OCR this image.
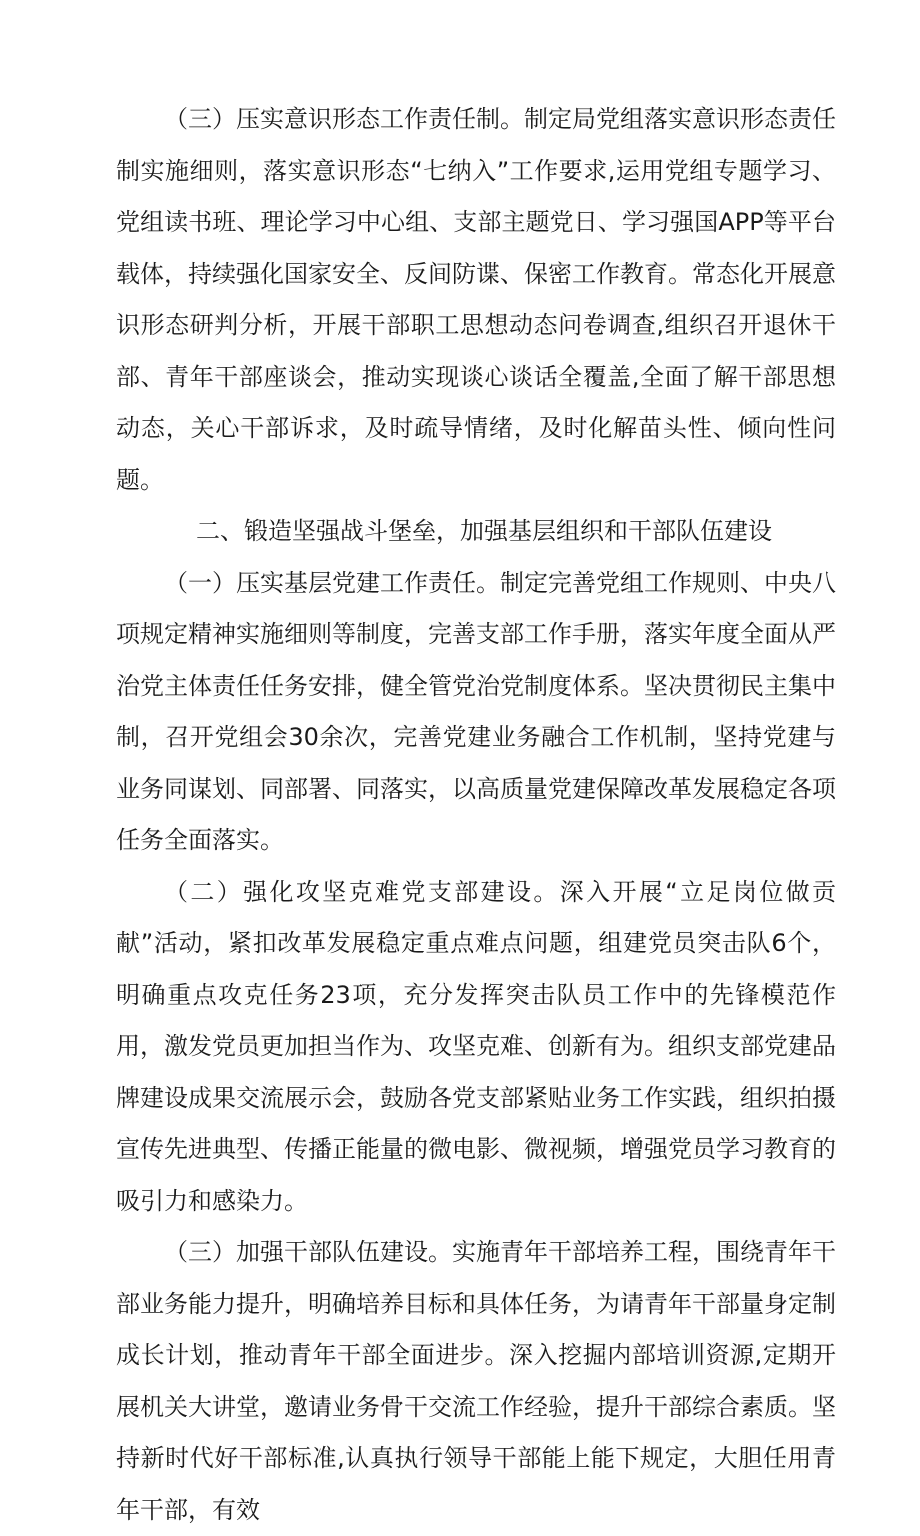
（三）压实意识形态工作责任制。制定局党组落实意识形态责任制实施细则，落实意识形态“七纳入”工作要求,运用党组专题学习、党组读书班、理论学习中心组、支部主题党日、学习强国APP等平台载体，持续强化国家安全、反间防谍、保密工作教育。常态化开展意识形态研判分析，开展干部职工思想动态问卷调查,组织召开退休干部、青年干部座谈会，推动实现谈心谈话全覆盖,全面了解干部思想动态，关心干部诉求，及时疏导情绪，及时化解苗头性、倾向性问题。

二、锻造坚强战斗堡垒，加强基层组织和干部队伍建设

（一）压实基层党建工作责任。制定完善党组工作规则、中央八项规定精神实施细则等制度，完善支部工作手册，落实年度全面从严治党主体责任任务安排，健全管党治党制度体系。坚决贯彻民主集中制，召开党组会30余次，完善党建业务融合工作机制，坚持党建与业务同谋划、同部署、同落实，以高质量党建保障改革发展稳定各项任务全面落实。

（二）强化攻坚克难党支部建设。深入开展“立足岗位做贡献”活动，紧扣改革发展稳定重点难点问题，组建党员突击队6个，明确重点攻克任务23项，充分发挥突击队员工作中的先锋模范作用，激发党员更加担当作为、攻坚克难、创新有为。组织支部党建品牌建设成果交流展示会，鼓励各党支部紧贴业务工作实践，组织拍摄宣传先进典型、传播正能量的微电影、微视频，增强党员学习教育的吸引力和感染力。

（三）加强干部队伍建设。实施青年干部培养工程，围绕青年干部业务能力提升，明确培养目标和具体任务，为请青年干部量身定制成长计划，推动青年干部全面进步。深入挖掘内部培训资源,定期开展机关大讲堂，邀请业务骨干交流工作经验，提升干部综合素质。坚持新时代好干部标准,认真执行领导干部能上能下规定，大胆任用青年干部，有效
